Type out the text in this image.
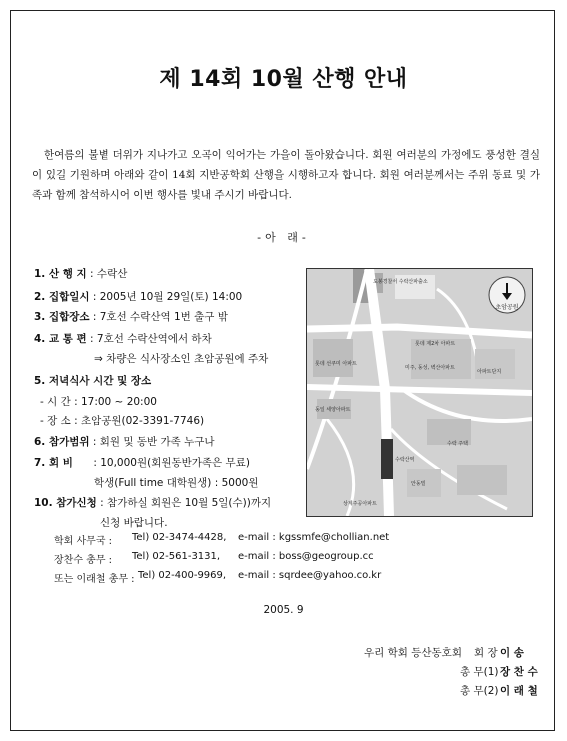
제 14회 10월 산행 안내
한여름의 불볕 더위가 지나가고 오곡이 익어가는 가을이 돌아왔습니다. 회원 여러분의 가정에도 풍성한 결실이 있길 기원하며 아래와 같이 14회 지반공학회 산행을 시행하고자 합니다. 회원 여러분께서는 주위 동료 및 가족과 함께 참석하시어 이번 행사를 빛내 주시기 바랍니다.
-아 래-
1. 산 행 지 : 수락산
2. 집합일시 : 2005년 10월 29일(토) 14:00
3. 집합장소 : 7호선 수락산역 1번 출구 밖
4. 교 통 편 : 7호선 수락산역에서 하차
⇒ 차량은 식사장소인 초암공원에 주차
5. 저녁식사 시간 및 장소
- 시 간 : 17:00 ~ 20:00
- 장 소 : 초암공원(02-3391-7746)
6. 참가범위 : 회원 및 동반 가족 누구나
7. 회 비 : 10,000원(회원동반가족은 무료)
학생(Full time 대학원생) : 5000원
10. 참가신청 : 참가하실 회원은 10월 5일(수))까지
신청 바랍니다.
학회 사무국 : Tel) 02-3474-4428, e-mail : kgssmfe@chollian.net
장찬수 총무 : Tel) 02-561-3131, e-mail : boss@geogroup.cc
또는 이래철 총무 : Tel) 02-400-9969, e-mail : sqrdee@yahoo.co.kr
초암공원
도봉경찰서 수락산파출소
롯데 제2차 아파트
롯데 선쿠미 아파트
미주, 동성, 벽산아파트
동일 세양아파트
수락산역
수락 주택
안동빌
상계주공아파트
아파트단지
2005. 9
우리 학회 등산동호회 회 장 이 송
총 무(1) 장 찬 수
총 무(2) 이 래 철
